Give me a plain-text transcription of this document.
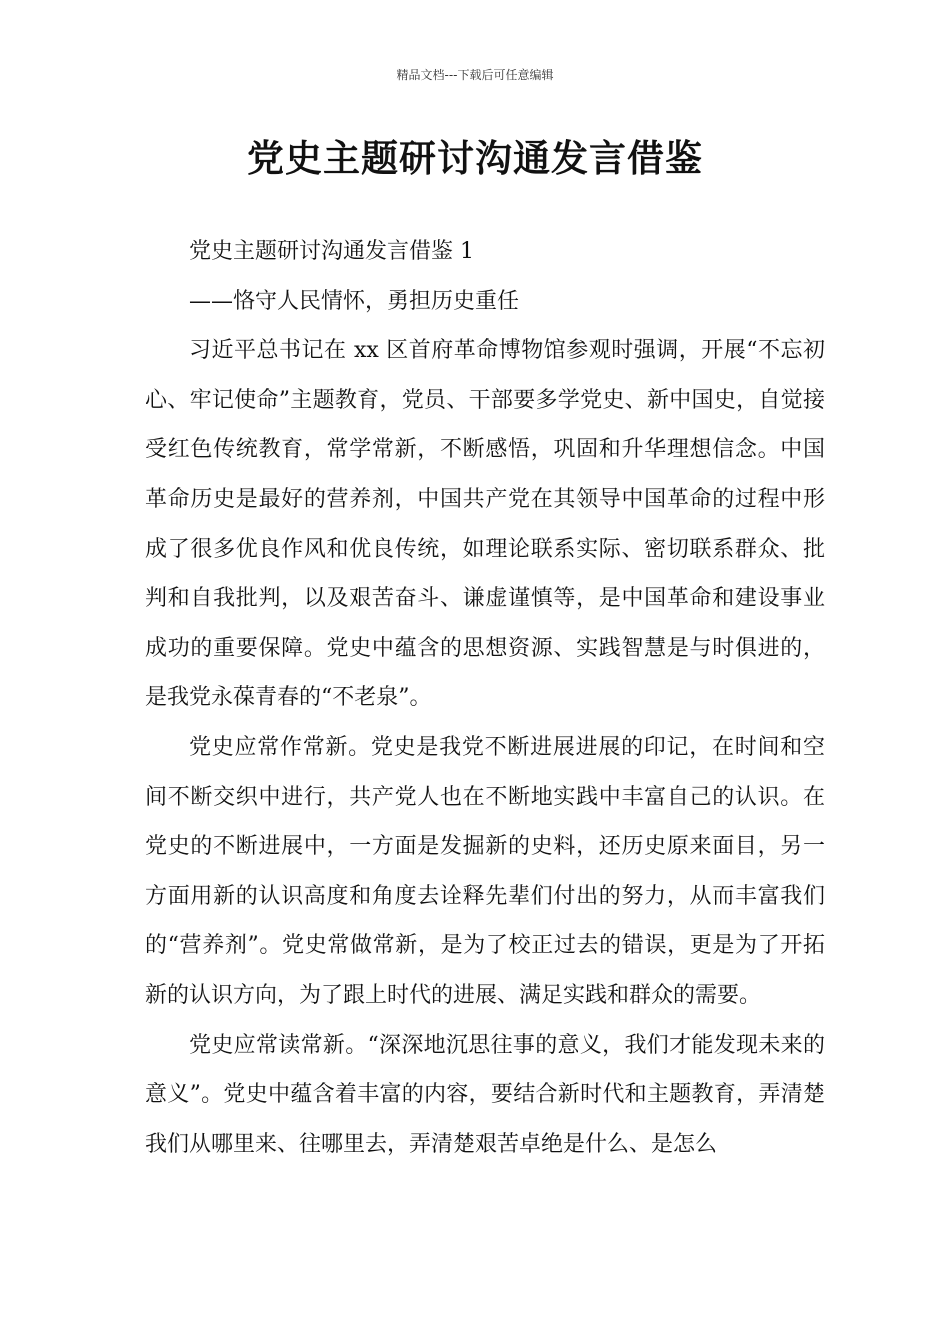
精品文档---下载后可任意编辑
党史主题研讨沟通发言借鉴

党史主题研讨沟通发言借鉴 1

——恪守人民情怀，勇担历史重任

习近平总书记在 xx 区首府革命博物馆参观时强调，开展“不忘初心、牢记使命”主题教育，党员、干部要多学党史、新中国史，自觉接受红色传统教育，常学常新，不断感悟，巩固和升华理想信念。中国革命历史是最好的营养剂，中国共产党在其领导中国革命的过程中形成了很多优良作风和优良传统，如理论联系实际、密切联系群众、批判和自我批判，以及艰苦奋斗、谦虚谨慎等，是中国革命和建设事业成功的重要保障。党史中蕴含的思想资源、实践智慧是与时俱进的，是我党永葆青春的“不老泉”。

党史应常作常新。党史是我党不断进展进展的印记，在时间和空间不断交织中进行，共产党人也在不断地实践中丰富自己的认识。在党史的不断进展中，一方面是发掘新的史料，还历史原来面目，另一方面用新的认识高度和角度去诠释先辈们付出的努力，从而丰富我们的“营养剂”。党史常做常新，是为了校正过去的错误，更是为了开拓新的认识方向，为了跟上时代的进展、满足实践和群众的需要。

党史应常读常新。“深深地沉思往事的意义，我们才能发现未来的意义”。党史中蕴含着丰富的内容，要结合新时代和主题教育，弄清楚我们从哪里来、往哪里去，弄清楚艰苦卓绝是什么、是怎么
